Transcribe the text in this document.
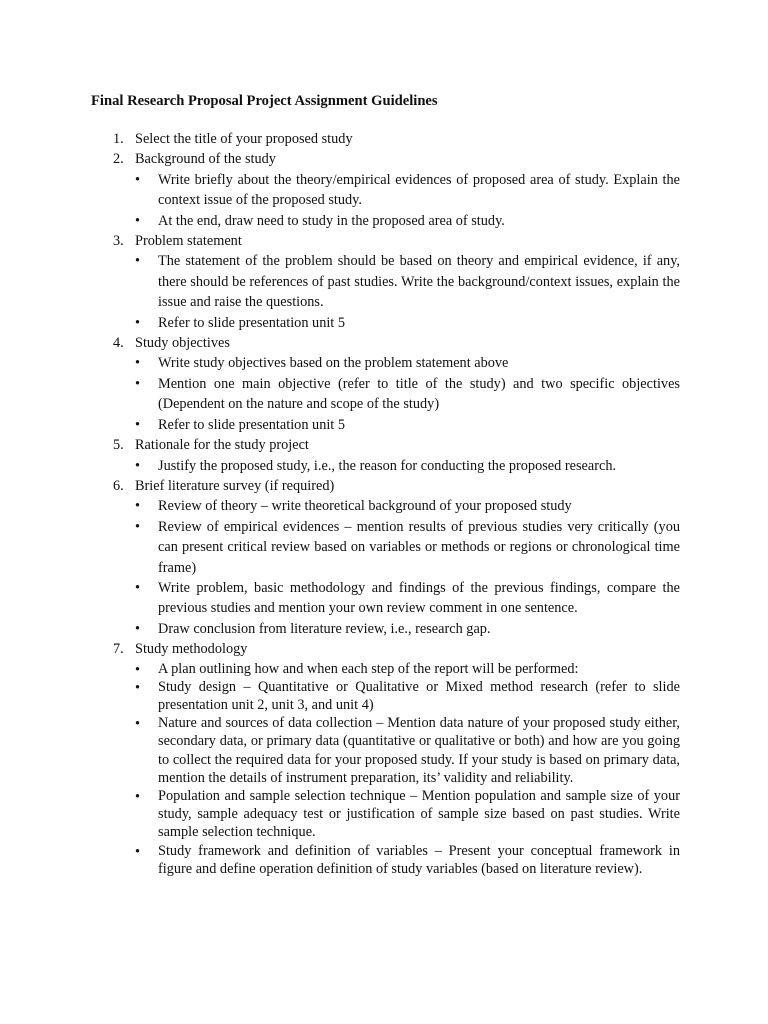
Final Research Proposal Project Assignment Guidelines
1. Select the title of your proposed study
2. Background of the study
• Write briefly about the theory/empirical evidences of proposed area of study. Explain the context issue of the proposed study.
• At the end, draw need to study in the proposed area of study.
3. Problem statement
• The statement of the problem should be based on theory and empirical evidence, if any, there should be references of past studies. Write the background/context issues, explain the issue and raise the questions.
• Refer to slide presentation unit 5
4. Study objectives
• Write study objectives based on the problem statement above
• Mention one main objective (refer to title of the study) and two specific objectives (Dependent on the nature and scope of the study)
• Refer to slide presentation unit 5
5. Rationale for the study project
• Justify the proposed study, i.e., the reason for conducting the proposed research.
6. Brief literature survey (if required)
• Review of theory – write theoretical background of your proposed study
• Review of empirical evidences – mention results of previous studies very critically (you can present critical review based on variables or methods or regions or chronological time frame)
• Write problem, basic methodology and findings of the previous findings, compare the previous studies and mention your own review comment in one sentence.
• Draw conclusion from literature review, i.e., research gap.
7. Study methodology
• A plan outlining how and when each step of the report will be performed:
• Study design – Quantitative or Qualitative or Mixed method research (refer to slide presentation unit 2, unit 3, and unit 4)
• Nature and sources of data collection – Mention data nature of your proposed study either, secondary data, or primary data (quantitative or qualitative or both) and how are you going to collect the required data for your proposed study. If your study is based on primary data, mention the details of instrument preparation, its’ validity and reliability.
• Population and sample selection technique – Mention population and sample size of your study, sample adequacy test or justification of sample size based on past studies. Write sample selection technique.
• Study framework and definition of variables – Present your conceptual framework in figure and define operation definition of study variables (based on literature review).
